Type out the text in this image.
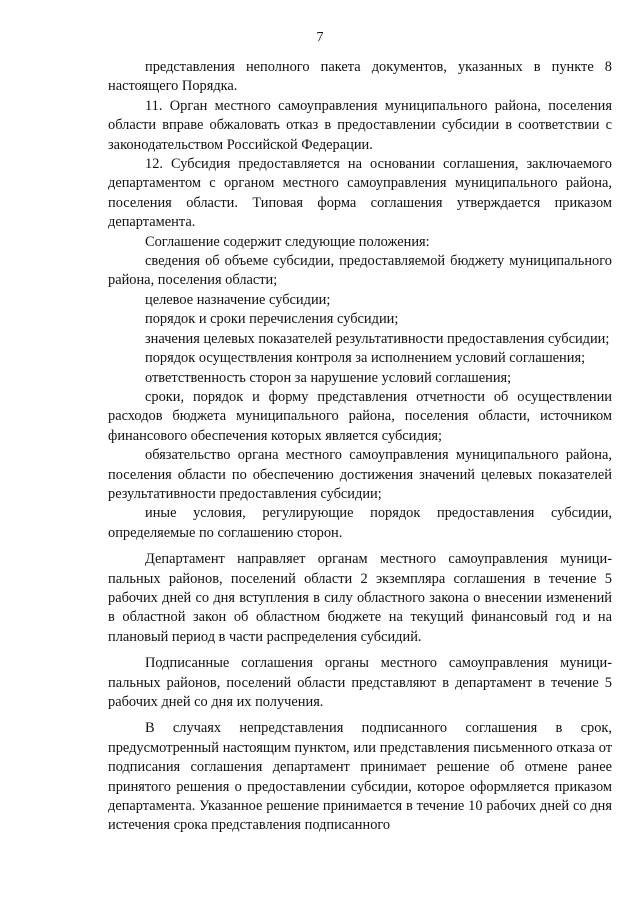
7

представления неполного пакета документов, указанных в пункте 8 настоящего Порядка.

11. Орган местного самоуправления муниципального района, поселения области вправе обжаловать отказ в предоставлении субсидии в соответствии с законодательством Российской Федерации.

12. Субсидия предоставляется на основании соглашения, заключаемого департаментом с органом местного самоуправления муниципального района, поселения области. Типовая форма соглашения утверждается приказом департамента.

Соглашение содержит следующие положения:

сведения об объеме субсидии, предоставляемой бюджету муниципального района, поселения области;

целевое назначение субсидии;

порядок и сроки перечисления субсидии;

значения целевых показателей результативности предоставления субсидии;

порядок осуществления контроля за исполнением условий соглашения;

ответственность сторон за нарушение условий соглашения;

сроки, порядок и форму представления отчетности об осуществлении расходов бюджета муниципального района, поселения области, источником финансового обеспечения которых является субсидия;

обязательство органа местного самоуправления муниципального района, поселения области по обеспечению достижения значений целевых показателей результативности предоставления субсидии;

иные условия, регулирующие порядок предоставления субсидии, определяемые по соглашению сторон.

Департамент направляет органам местного самоуправления муниципальных районов, поселений области 2 экземпляра соглашения в течение 5 рабочих дней со дня вступления в силу областного закона о внесении изменений в областной закон об областном бюджете на текущий финансовый год и на плановый период в части распределения субсидий.

Подписанные соглашения органы местного самоуправления муниципальных районов, поселений области представляют в департамент в течение 5 рабочих дней со дня их получения.

В случаях непредставления подписанного соглашения в срок, предусмотренный настоящим пунктом, или представления письменного отказа от подписания соглашения департамент принимает решение об отмене ранее принятого решения о предоставлении субсидии, которое оформляется приказом департамента. Указанное решение принимается в течение 10 рабочих дней со дня истечения срока представления подписанного
